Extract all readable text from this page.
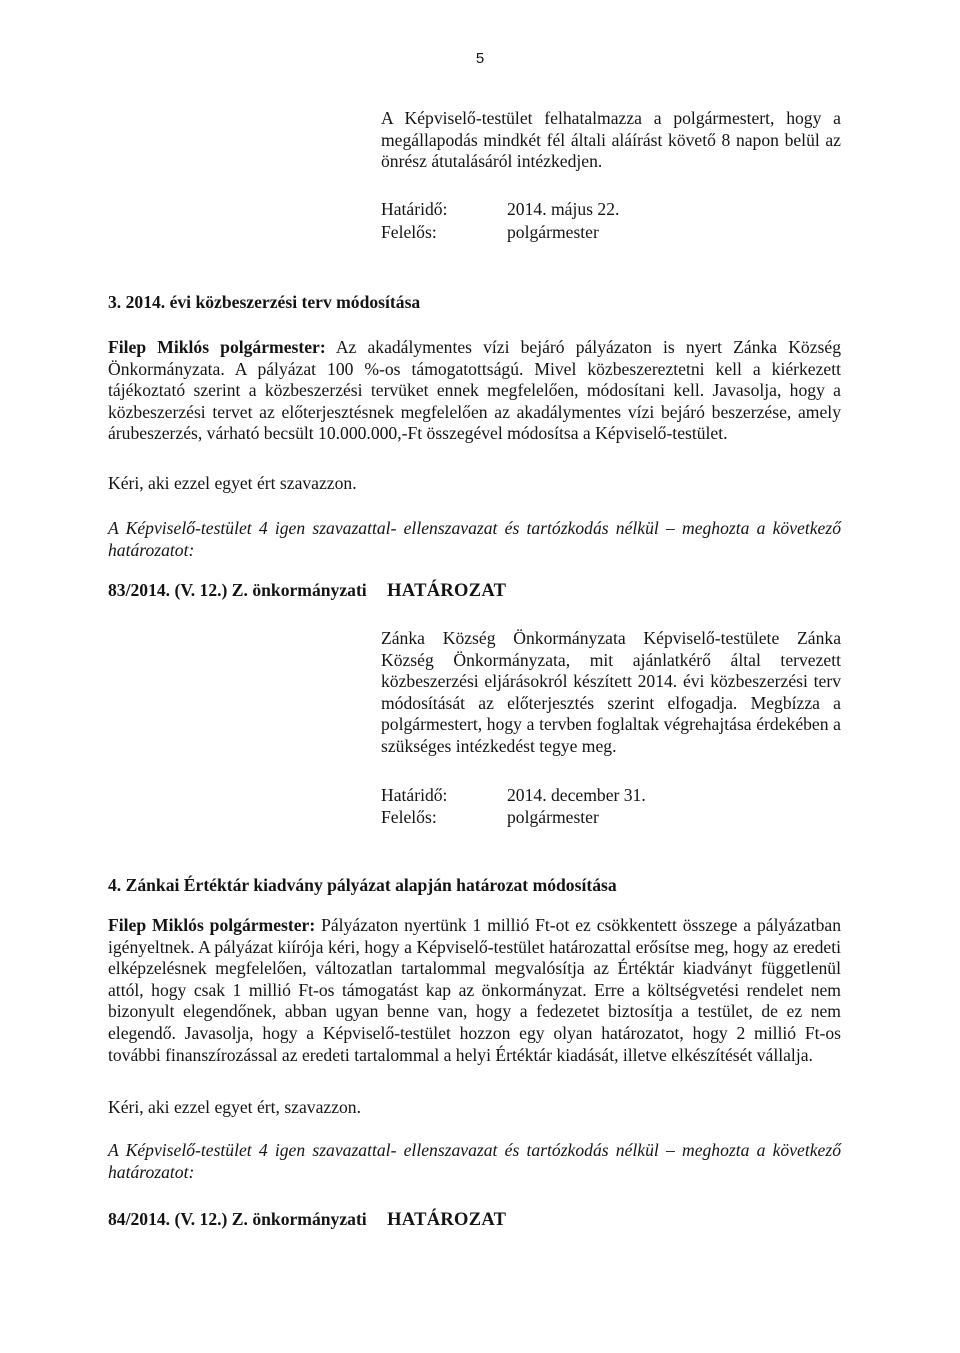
5
A Képviselő-testület felhatalmazza a polgármestert, hogy a megállapodás mindkét fél általi aláírást követő 8 napon belül az önrész átutalásáról intézkedjen.
Határidő:	2014. május 22.
Felelős:	polgármester
3. 2014. évi közbeszerzési terv módosítása
Filep Miklós polgármester: Az akadálymentes vízi bejáró pályázaton is nyert Zánka Község Önkormányzata. A pályázat 100 %-os támogatottságú. Mivel közbeszereztetni kell a kiérkezett tájékoztató szerint a közbeszerzési tervüket ennek megfelelően, módosítani kell. Javasolja, hogy a közbeszerzési tervet az előterjesztésnek megfelelően az akadálymentes vízi bejáró beszerzése, amely árubeszerzés, várható becsült 10.000.000,-Ft összegével módosítsa a Képviselő-testület.
Kéri, aki ezzel egyet ért szavazzon.
A Képviselő-testület 4 igen szavazattal- ellenszavazat és tartózkodás nélkül – meghozta a következő határozatot:
83/2014. (V. 12.) Z. önkormányzati HATÁROZAT
Zánka Község Önkormányzata Képviselő-testülete Zánka Község Önkormányzata, mit ajánlatkérő által tervezett közbeszerzési eljárásokról készített 2014. évi közbeszerzési terv módosítását az előterjesztés szerint elfogadja. Megbízza a polgármestert, hogy a tervben foglaltak végrehajtása érdekében a szükséges intézkedést tegye meg.
Határidő:	2014. december 31.
Felelős:	polgármester
4. Zánkai Értéktár kiadvány pályázat alapján határozat módosítása
Filep Miklós polgármester: Pályázaton nyertünk 1 millió Ft-ot ez csökkentett összege a pályázatban igényeltnek. A pályázat kiírója kéri, hogy a Képviselő-testület határozattal erősítse meg, hogy az eredeti elképzelésnek megfelelően, változatlan tartalommal megvalósítja az Értéktár kiadványt függetlenül attól, hogy csak 1 millió Ft-os támogatást kap az önkormányzat. Erre a költségvetési rendelet nem bizonyult elegendőnek, abban ugyan benne van, hogy a fedezetet biztosítja a testület, de ez nem elegendő. Javasolja, hogy a Képviselő-testület hozzon egy olyan határozatot, hogy 2 millió Ft-os további finanszírozással az eredeti tartalommal a helyi Értéktár kiadását, illetve elkészítését vállalja.
Kéri, aki ezzel egyet ért, szavazzon.
A Képviselő-testület 4 igen szavazattal- ellenszavazat és tartózkodás nélkül – meghozta a következő határozatot:
84/2014. (V. 12.) Z. önkormányzati HATÁROZAT
